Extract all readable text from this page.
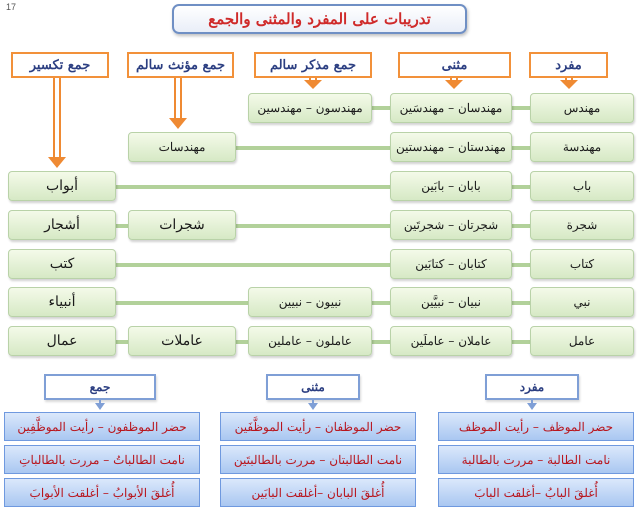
17
تدريبات على المفرد والمثنى والجمع
مفرد
مثنى
جمع مذكر سالم
جمع مؤنث سالم
جمع تكسير
مهندس
مهندسان – مهندسَين
مهندسون – مهندسين
مهندسة
مهندستان – مهندستين
مهندسات
باب
بابان – بابَين
أبواب
شجرة
شجرتان – شجرتَين
شجرات
أشجار
كتاب
كتابان – كتابَين
كتب
نبي
نبيان – نبيَّين
نبيون – نبيين
أنبياء
عامل
عاملان – عاملَين
عاملون – عاملين
عاملات
عمال
مفرد
مثنى
جمع
حضر الموظف – رأيت الموظف
نامت الطالبة – مررت بالطالبة
أُغلقَ البابُ –أغلقت البابَ
حضر الموظفان – رأيت الموظَّفَين
نامت الطالبتان – مررت بالطالبتَين
أُغلقَ البابان –أغلقت البابَين
حضر الموظفون – رأيت الموظَّفِين
نامت الطالباتُ – مررت بالطالباتِ
أُغلقَ الأبوابُ – أغلقت الأبوابَ
